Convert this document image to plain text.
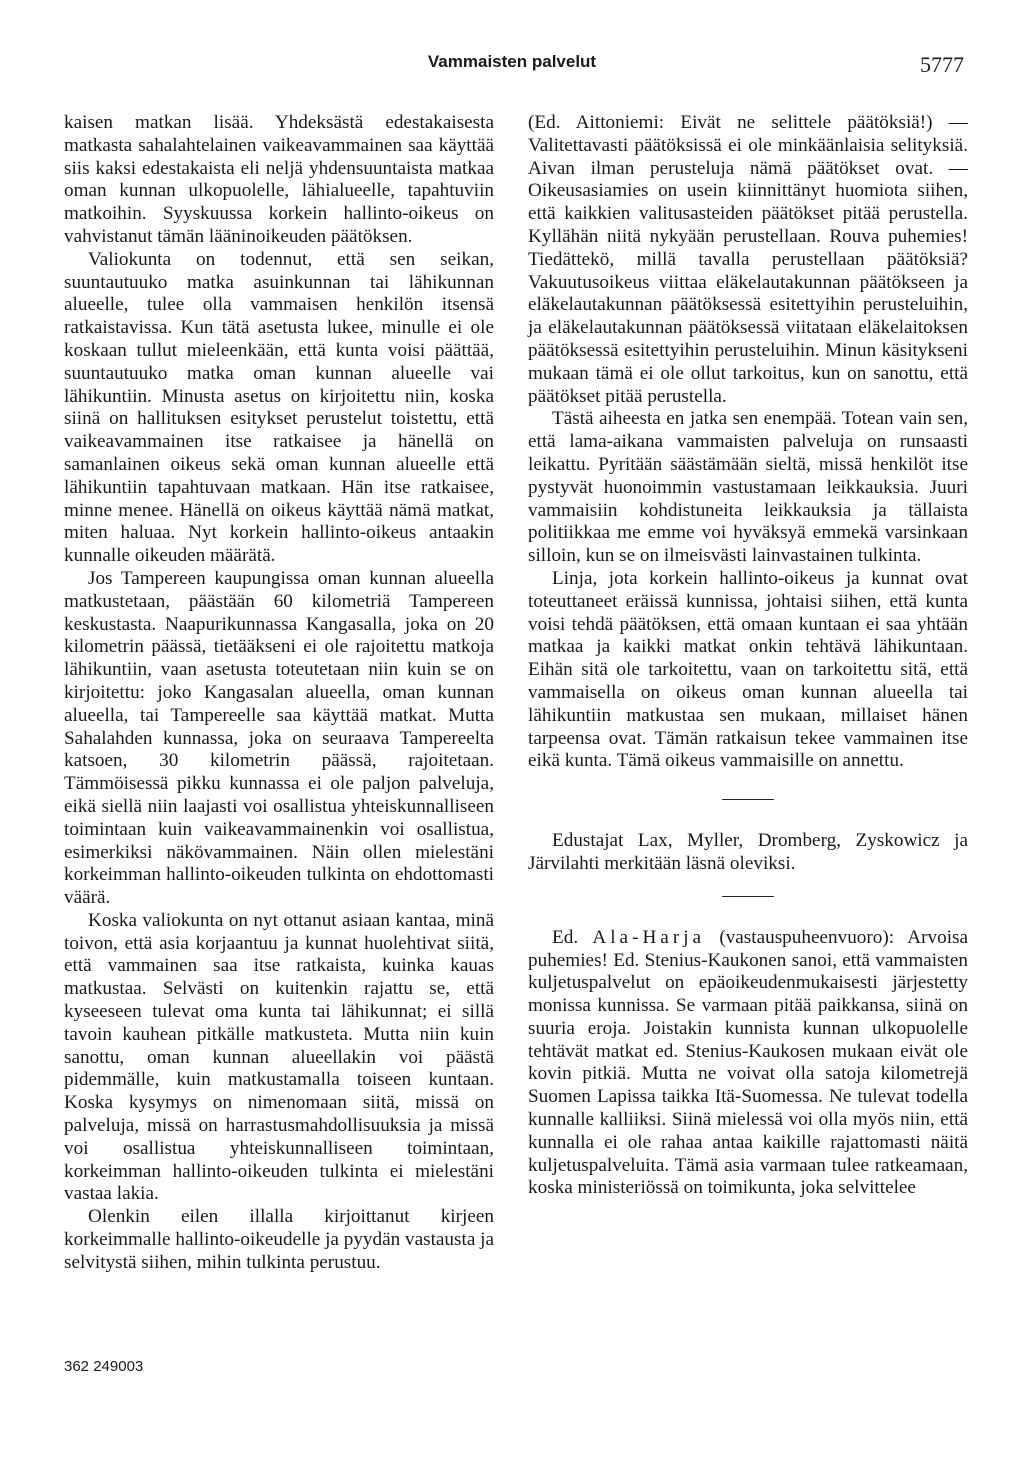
Vammaisten palvelut	5777

kaisen matkan lisää. Yhdeksästä edestakaisesta matkasta sahalahtelainen vaikeavammainen saa käyttää siis kaksi edestakaista eli neljä yhdensuuntaista matkaa oman kunnan ulkopuolelle, lähialueelle, tapahtuviin matkoihin. Syyskuussa korkein hallinto-oikeus on vahvistanut tämän lääninoikeuden päätöksen.

Valiokunta on todennut, että sen seikan, suuntautuuko matka asuinkunnan tai lähikunnan alueelle, tulee olla vammaisen henkilön itsensä ratkaistavissa. Kun tätä asetusta lukee, minulle ei ole koskaan tullut mieleenkään, että kunta voisi päättää, suuntautuuko matka oman kunnan alueelle vai lähikuntiin. Minusta asetus on kirjoitettu niin, koska siinä on hallituksen esitykset perustelut toistettu, että vaikeavammainen itse ratkaisee ja hänellä on samanlainen oikeus sekä oman kunnan alueelle että lähikuntiin tapahtuvaan matkaan. Hän itse ratkaisee, minne menee. Hänellä on oikeus käyttää nämä matkat, miten haluaa. Nyt korkein hallinto-oikeus antaakin kunnalle oikeuden määrätä.

Jos Tampereen kaupungissa oman kunnan alueella matkustetaan, päästään 60 kilometriä Tampereen keskustasta. Naapurikunnassa Kangasalla, joka on 20 kilometrin päässä, tietääkseni ei ole rajoitettu matkoja lähikuntiin, vaan asetusta toteutetaan niin kuin se on kirjoitettu: joko Kangasalan alueella, oman kunnan alueella, tai Tampereelle saa käyttää matkat. Mutta Sahalahden kunnassa, joka on seuraava Tampereelta katsoen, 30 kilometrin päässä, rajoitetaan. Tämmöisessä pikku kunnassa ei ole paljon palveluja, eikä siellä niin laajasti voi osallistua yhteiskunnalliseen toimintaan kuin vaikeavammainenkin voi osallistua, esimerkiksi näkövammainen. Näin ollen mielestäni korkeimman hallinto-oikeuden tulkinta on ehdottomasti väärä.

Koska valiokunta on nyt ottanut asiaan kantaa, minä toivon, että asia korjaantuu ja kunnat huolehtivat siitä, että vammainen saa itse ratkaista, kuinka kauas matkustaa. Selvästi on kuitenkin rajattu se, että kyseeseen tulevat oma kunta tai lähikunnat; ei sillä tavoin kauhean pitkälle matkusteta. Mutta niin kuin sanottu, oman kunnan alueellakin voi päästä pidemmälle, kuin matkustamalla toiseen kuntaan. Koska kysymys on nimenomaan siitä, missä on palveluja, missä on harrastusmahdollisuuksia ja missä voi osallistua yhteiskunnalliseen toimintaan, korkeimman hallinto-oikeuden tulkinta ei mielestäni vastaa lakia.

Olenkin eilen illalla kirjoittanut kirjeen korkeimmalle hallinto-oikeudelle ja pyydän vastausta ja selvitystä siihen, mihin tulkinta perustuu.

(Ed. Aittoniemi: Eivät ne selittele päätöksiä!) — Valitettavasti päätöksissä ei ole minkäänlaisia selityksiä. Aivan ilman perusteluja nämä päätökset ovat. — Oikeusasiamies on usein kiinnittänyt huomiota siihen, että kaikkien valitusasteiden päätökset pitää perustella. Kyllähän niitä nykyään perustellaan. Rouva puhemies! Tiedättekö, millä tavalla perustellaan päätöksiä? Vakuutusoikeus viittaa eläkelautakunnan päätökseen ja eläkelautakunnan päätöksessä esitettyihin perusteluihin, ja eläkelautakunnan päätöksessä viitataan eläkelaitoksen päätöksessä esitettyihin perusteluihin. Minun käsitykseni mukaan tämä ei ole ollut tarkoitus, kun on sanottu, että päätökset pitää perustella.

Tästä aiheesta en jatka sen enempää. Totean vain sen, että lama-aikana vammaisten palveluja on runsaasti leikattu. Pyritään säästämään sieltä, missä henkilöt itse pystyvät huonoimmin vastustamaan leikkauksia. Juuri vammaisiin kohdistuneita leikkauksia ja tällaista politiikkaa me emme voi hyväksyä emmekä varsinkaan silloin, kun se on ilmeisvästi lainvastainen tulkinta.

Linja, jota korkein hallinto-oikeus ja kunnat ovat toteuttaneet eräissä kunnissa, johtaisi siihen, että kunta voisi tehdä päätöksen, että omaan kuntaan ei saa yhtään matkaa ja kaikki matkat onkin tehtävä lähikuntaan. Eihän sitä ole tarkoitettu, vaan on tarkoitettu sitä, että vammaisella on oikeus oman kunnan alueella tai lähikuntiin matkustaa sen mukaan, millaiset hänen tarpeensa ovat. Tämän ratkaisun tekee vammainen itse eikä kunta. Tämä oikeus vammaisille on annettu.

Edustajat Lax, Myller, Dromberg, Zyskowicz ja Järvilahti merkitään läsnä oleviksi.

Ed. Ala-Harja (vastauspuheenvuoro): Arvoisa puhemies! Ed. Stenius-Kaukonen sanoi, että vammaisten kuljetuspalvelut on epäoikeudenmukaisesti järjestetty monissa kunnissa. Se varmaan pitää paikkansa, siinä on suuria eroja. Joistakin kunnista kunnan ulkopuolelle tehtävät matkat ed. Stenius-Kaukosen mukaan eivät ole kovin pitkiä. Mutta ne voivat olla satoja kilometrejä Suomen Lapissa taikka Itä-Suomessa. Ne tulevat todella kunnalle kalliiksi. Siinä mielessä voi olla myös niin, että kunnalla ei ole rahaa antaa kaikille rajattomasti näitä kuljetuspalveluita. Tämä asia varmaan tulee ratkeamaan, koska ministeriössä on toimikunta, joka selvittelee

362 249003
